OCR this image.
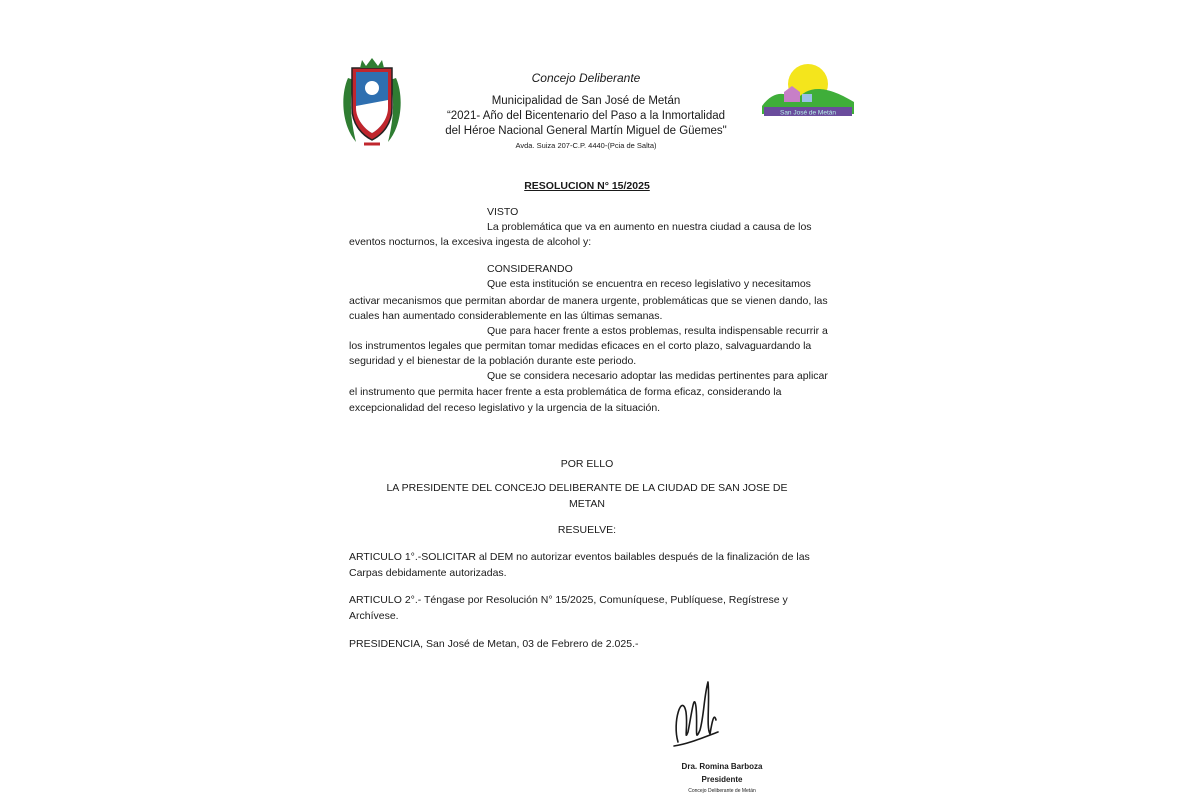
San José de Metán
Concejo Deliberante
Municipalidad de San José de Metán
“2021- Año del Bicentenario del Paso a la Inmortalidad
del Héroe Nacional General Martín Miguel de Güemes"
Avda. Suiza 207-C.P. 4440-(Pcia de Salta)
RESOLUCION N° 15/2025
VISTO
La problemática que va en aumento en nuestra ciudad a causa de los
eventos nocturnos, la excesiva ingesta de alcohol y:
CONSIDERANDO
Que esta institución se encuentra en receso legislativo y necesitamos
activar mecanismos que permitan abordar de manera urgente, problemáticas que se vienen dando, las
cuales han aumentado considerablemente en las últimas semanas.
Que para hacer frente a estos problemas, resulta indispensable recurrir a
los instrumentos legales que permitan tomar medidas eficaces en el corto plazo, salvaguardando la
seguridad y el bienestar de la población durante este periodo.
Que se considera necesario adoptar las medidas pertinentes para aplicar
el instrumento que permita hacer frente a esta problemática de forma eficaz, considerando la
excepcionalidad del receso legislativo y la urgencia de la situación.
POR ELLO
LA PRESIDENTE DEL CONCEJO DELIBERANTE DE LA CIUDAD DE SAN JOSE DE
METAN
RESUELVE:
ARTICULO 1°.-SOLICITAR al DEM no autorizar eventos bailables después de la finalización de las
Carpas debidamente autorizadas.
ARTICULO 2°.- Téngase por Resolución N° 15/2025, Comuníquese, Publíquese, Regístrese y
Archívese.
PRESIDENCIA, San José de Metan, 03 de Febrero de 2.025.-
Dra. Romina Barboza
Presidente
Concejo Deliberante de Metán
